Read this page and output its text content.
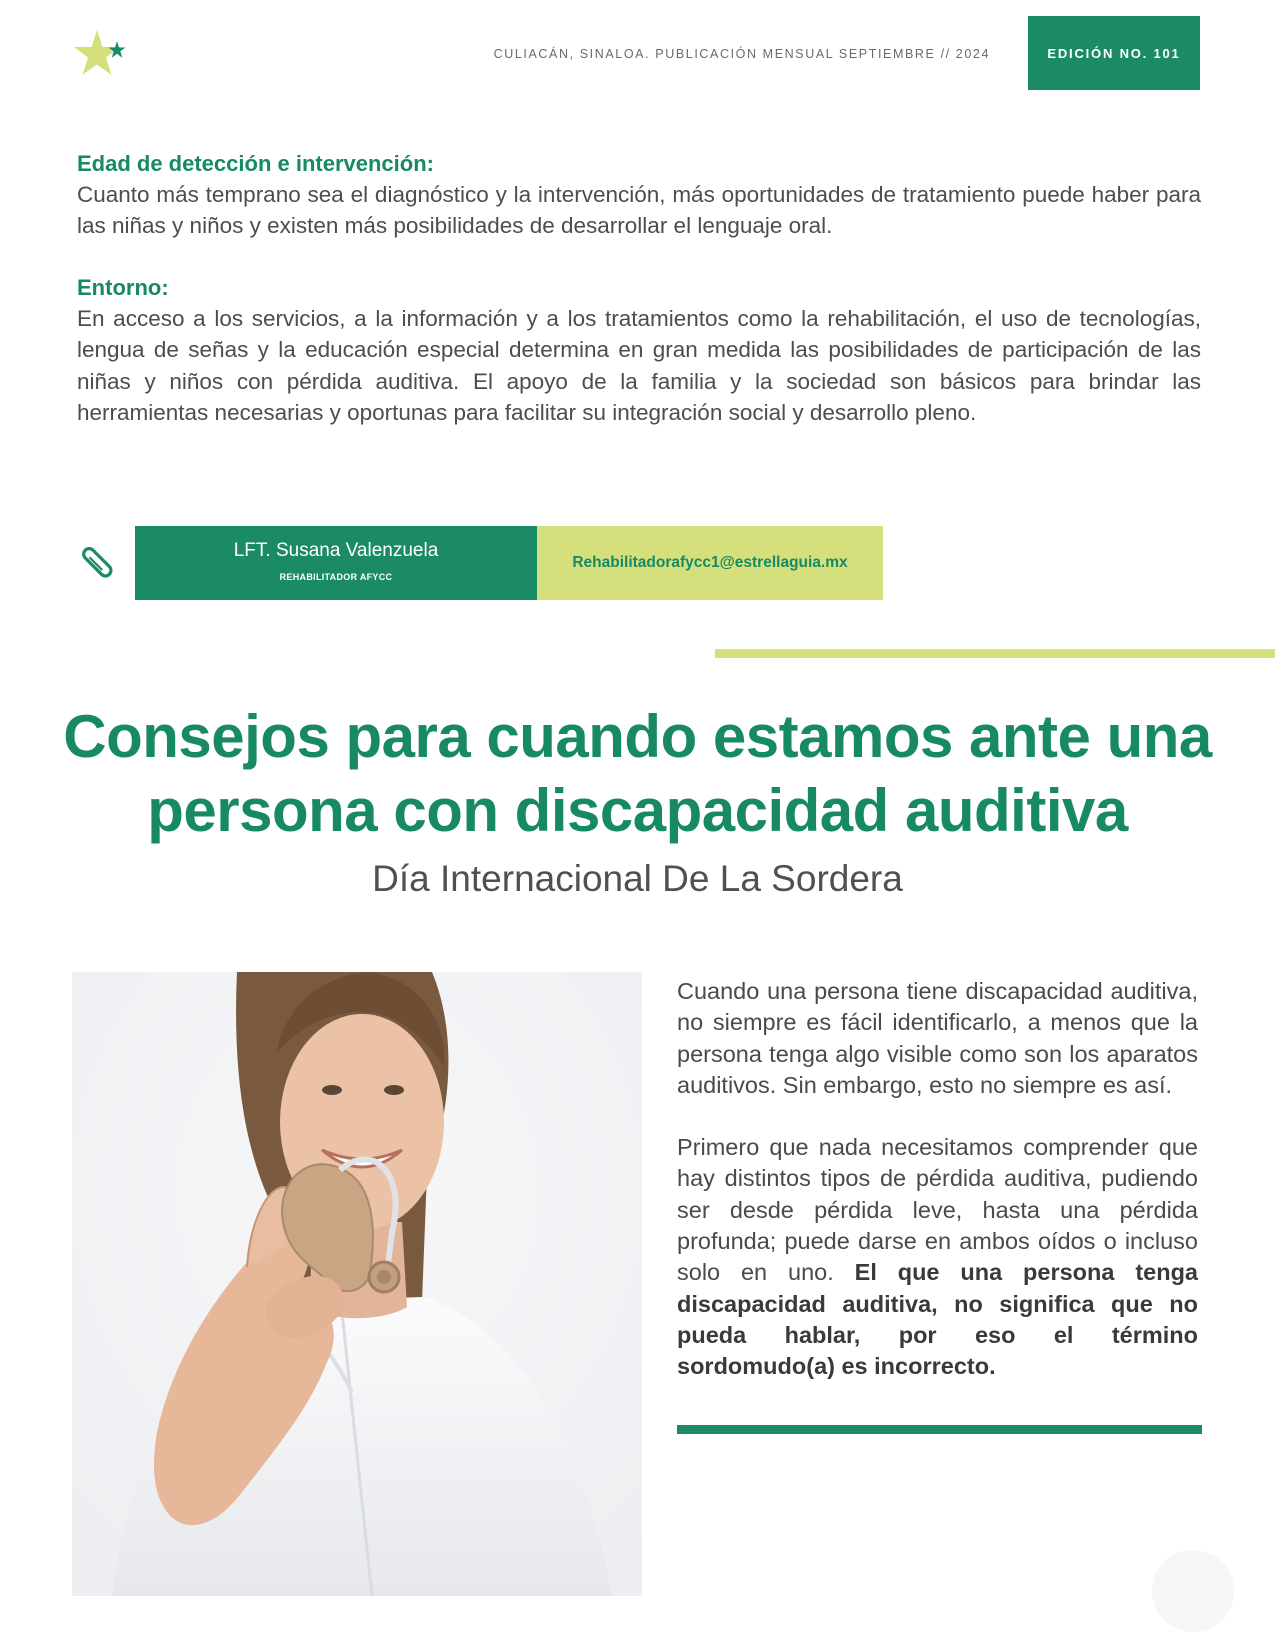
CULIACÁN, SINALOA. PUBLICACIÓN MENSUAL SEPTIEMBRE // 2024	EDICIÓN NO. 101
Edad de detección e intervención:

Cuanto más temprano sea el diagnóstico y la intervención, más oportunidades de tratamiento puede haber para las niñas y niños y existen más posibilidades de desarrollar el lenguaje oral.

Entorno:

En acceso a los servicios, a la información y a los tratamientos como la rehabilitación, el uso de tecnologías, lengua de señas y la educación especial determina en gran medida las posibilidades de participación de las niñas y niños con pérdida auditiva. El apoyo de la familia y la sociedad son básicos para brindar las herramientas necesarias y oportunas para facilitar su integración social y desarrollo pleno.

LFT. Susana Valenzuela
REHABILITADOR AFYCC
Rehabilitadorafycc1@estrellaguia.mx
Consejos para cuando estamos ante una
persona con discapacidad auditiva
Día Internacional De La Sordera

Cuando una persona tiene discapacidad auditiva, no siempre es fácil identificarlo, a menos que la persona tenga algo visible como son los aparatos auditivos. Sin embargo, esto no siempre es así.

Primero que nada necesitamos comprender que hay distintos tipos de pérdida auditiva, pudiendo ser desde pérdida leve, hasta una pérdida profunda; puede darse en ambos oídos o incluso solo en uno. El que una persona tenga discapacidad auditiva, no significa que no pueda hablar, por eso el término sordomudo(a) es incorrecto.
